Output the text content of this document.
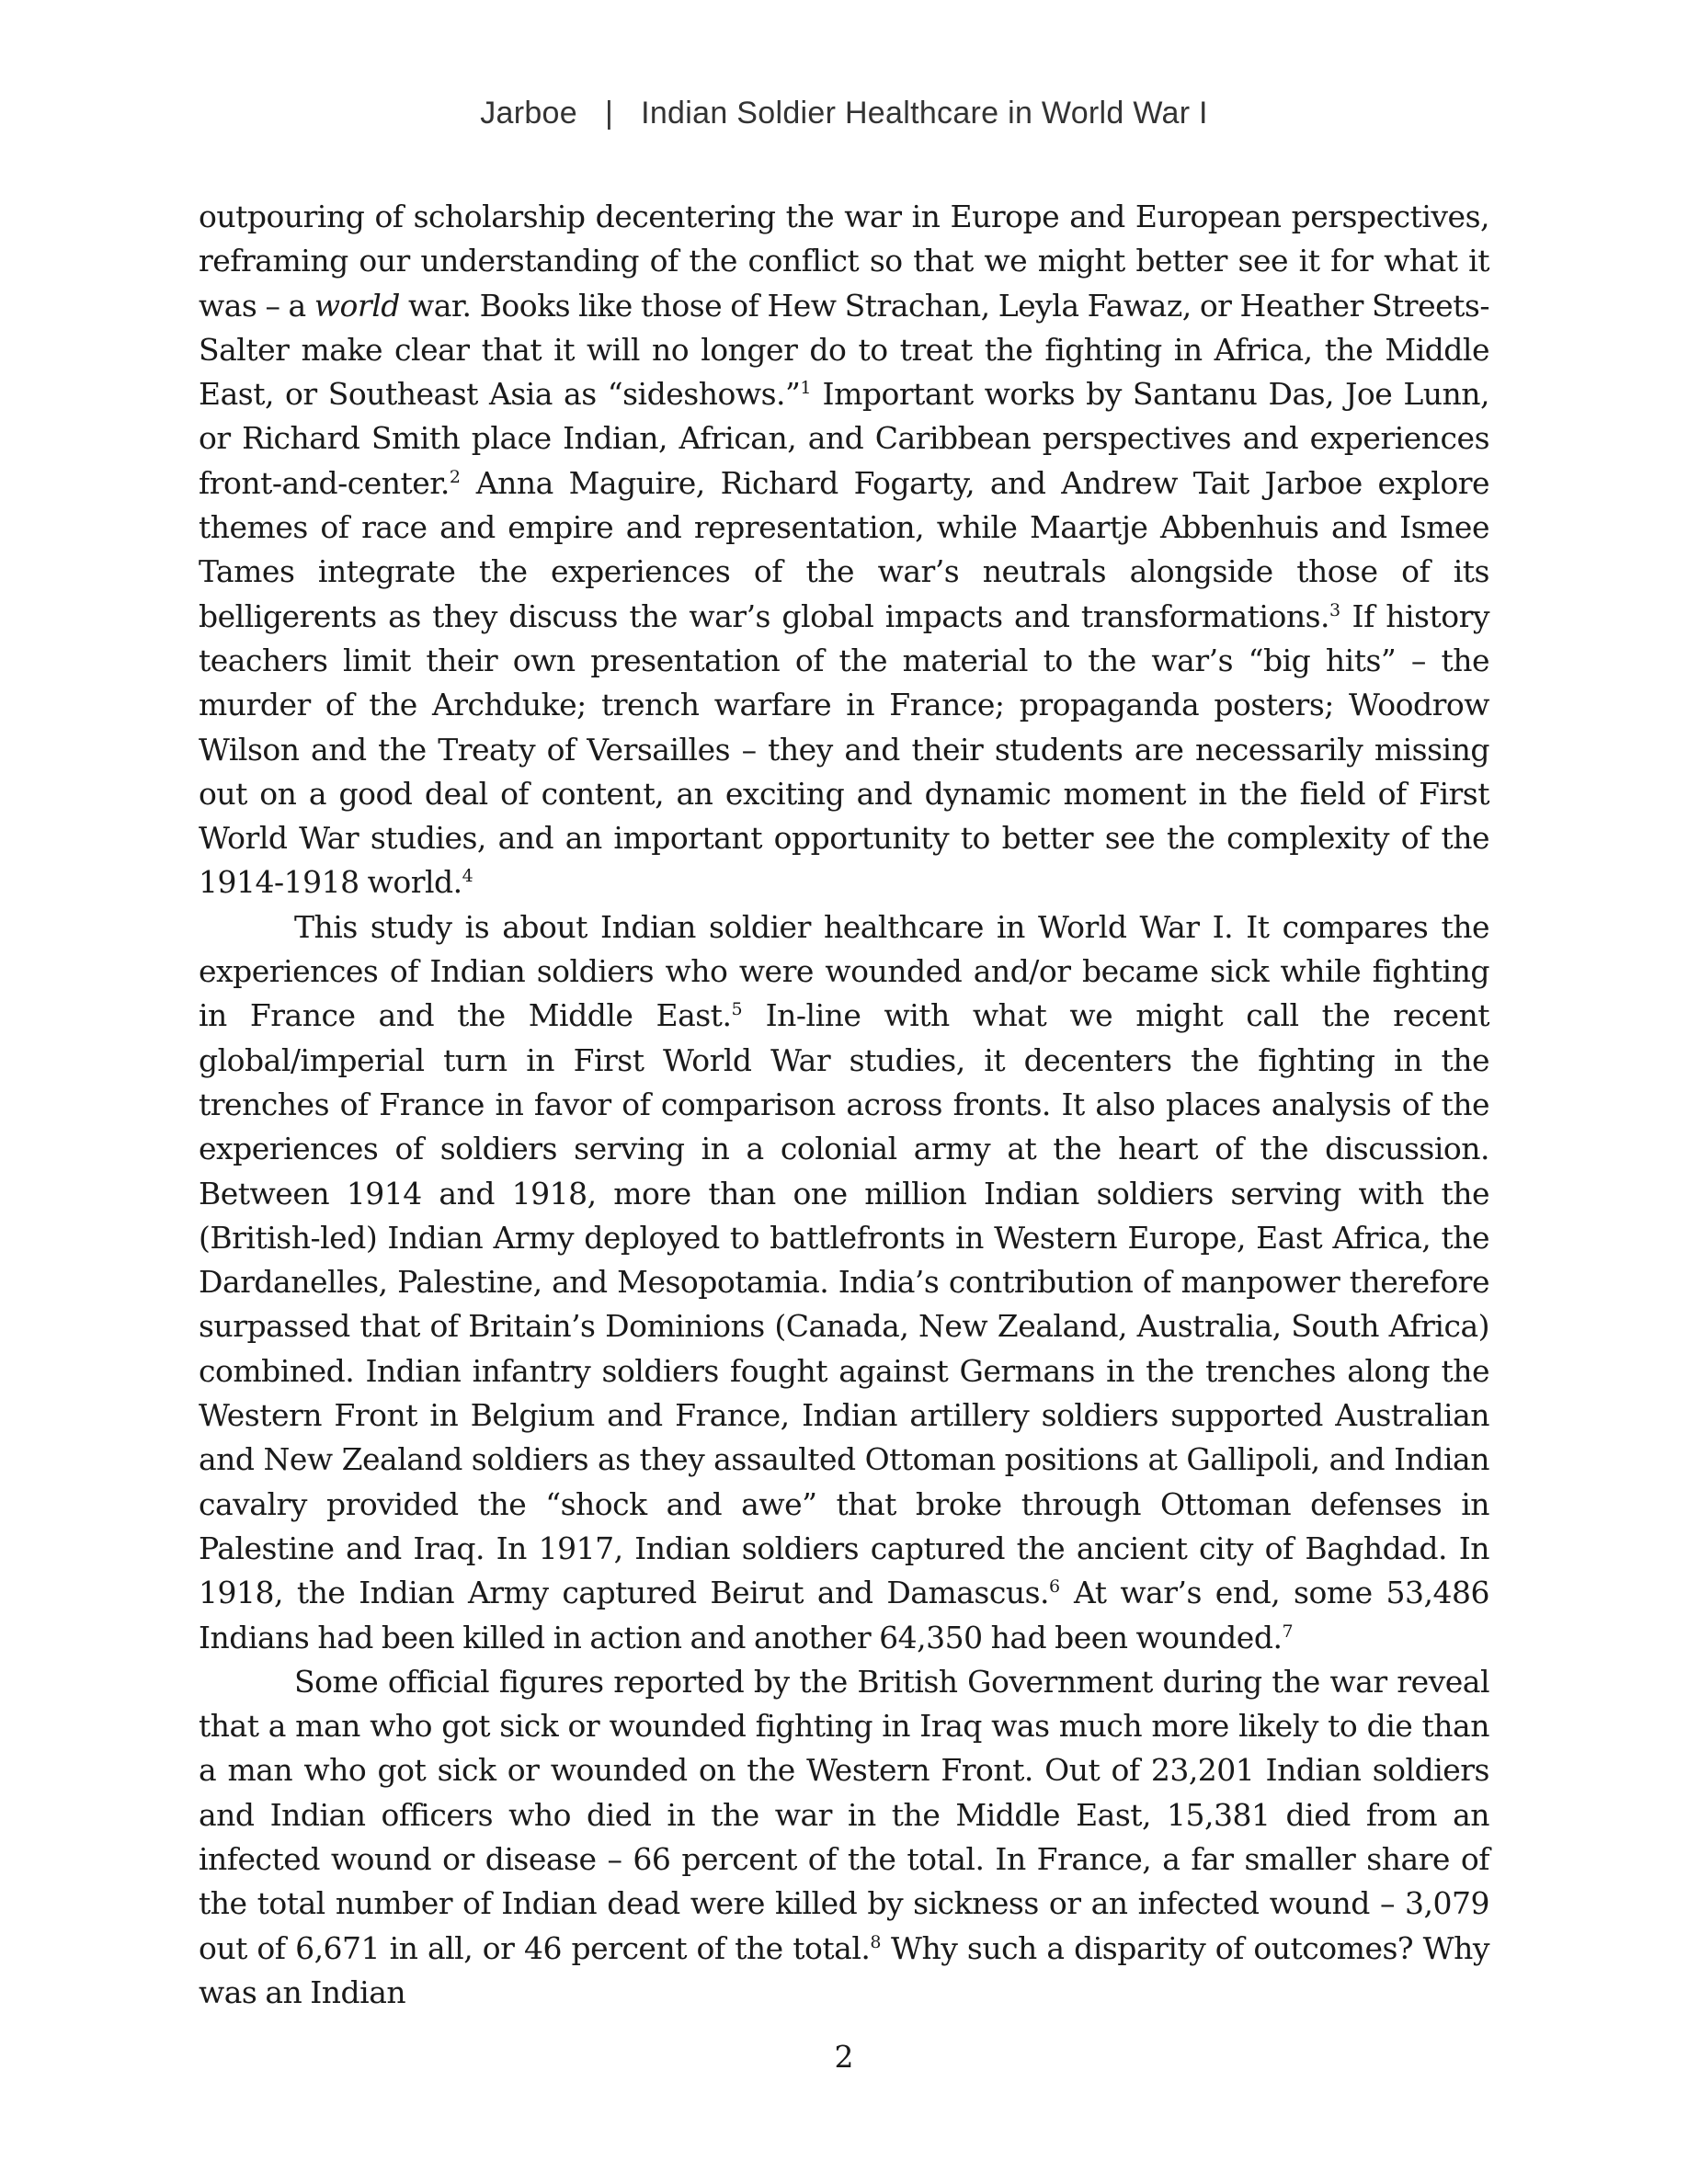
Jarboe | Indian Soldier Healthcare in World War I

outpouring of scholarship decentering the war in Europe and European perspectives, reframing our understanding of the conflict so that we might better see it for what it was – a world war. Books like those of Hew Strachan, Leyla Fawaz, or Heather Streets-Salter make clear that it will no longer do to treat the fighting in Africa, the Middle East, or Southeast Asia as “sideshows.”$^1$ Important works by Santanu Das, Joe Lunn, or Richard Smith place Indian, African, and Caribbean perspectives and experiences front-and-center.$^2$ Anna Maguire, Richard Fogarty, and Andrew Tait Jarboe explore themes of race and empire and representation, while Maartje Abbenhuis and Ismee Tames integrate the experiences of the war’s neutrals alongside those of its belligerents as they discuss the war’s global impacts and transformations.$^3$ If history teachers limit their own presentation of the material to the war’s “big hits” – the murder of the Archduke; trench warfare in France; propaganda posters; Woodrow Wilson and the Treaty of Versailles – they and their students are necessarily missing out on a good deal of content, an exciting and dynamic moment in the field of First World War studies, and an important opportunity to better see the complexity of the 1914-1918 world.$^4$

This study is about Indian soldier healthcare in World War I. It compares the experiences of Indian soldiers who were wounded and/or became sick while fighting in France and the Middle East.$^5$ In-line with what we might call the recent global/imperial turn in First World War studies, it decenters the fighting in the trenches of France in favor of comparison across fronts. It also places analysis of the experiences of soldiers serving in a colonial army at the heart of the discussion. Between 1914 and 1918, more than one million Indian soldiers serving with the (British-led) Indian Army deployed to battlefronts in Western Europe, East Africa, the Dardanelles, Palestine, and Mesopotamia. India’s contribution of manpower therefore surpassed that of Britain’s Dominions (Canada, New Zealand, Australia, South Africa) combined. Indian infantry soldiers fought against Germans in the trenches along the Western Front in Belgium and France, Indian artillery soldiers supported Australian and New Zealand soldiers as they assaulted Ottoman positions at Gallipoli, and Indian cavalry provided the “shock and awe” that broke through Ottoman defenses in Palestine and Iraq. In 1917, Indian soldiers captured the ancient city of Baghdad. In 1918, the Indian Army captured Beirut and Damascus.$^6$ At war’s end, some 53,486 Indians had been killed in action and another 64,350 had been wounded.$^7$

Some official figures reported by the British Government during the war reveal that a man who got sick or wounded fighting in Iraq was much more likely to die than a man who got sick or wounded on the Western Front. Out of 23,201 Indian soldiers and Indian officers who died in the war in the Middle East, 15,381 died from an infected wound or disease – 66 percent of the total. In France, a far smaller share of the total number of Indian dead were killed by sickness or an infected wound – 3,079 out of 6,671 in all, or 46 percent of the total.$^8$ Why such a disparity of outcomes? Why was an Indian

2
